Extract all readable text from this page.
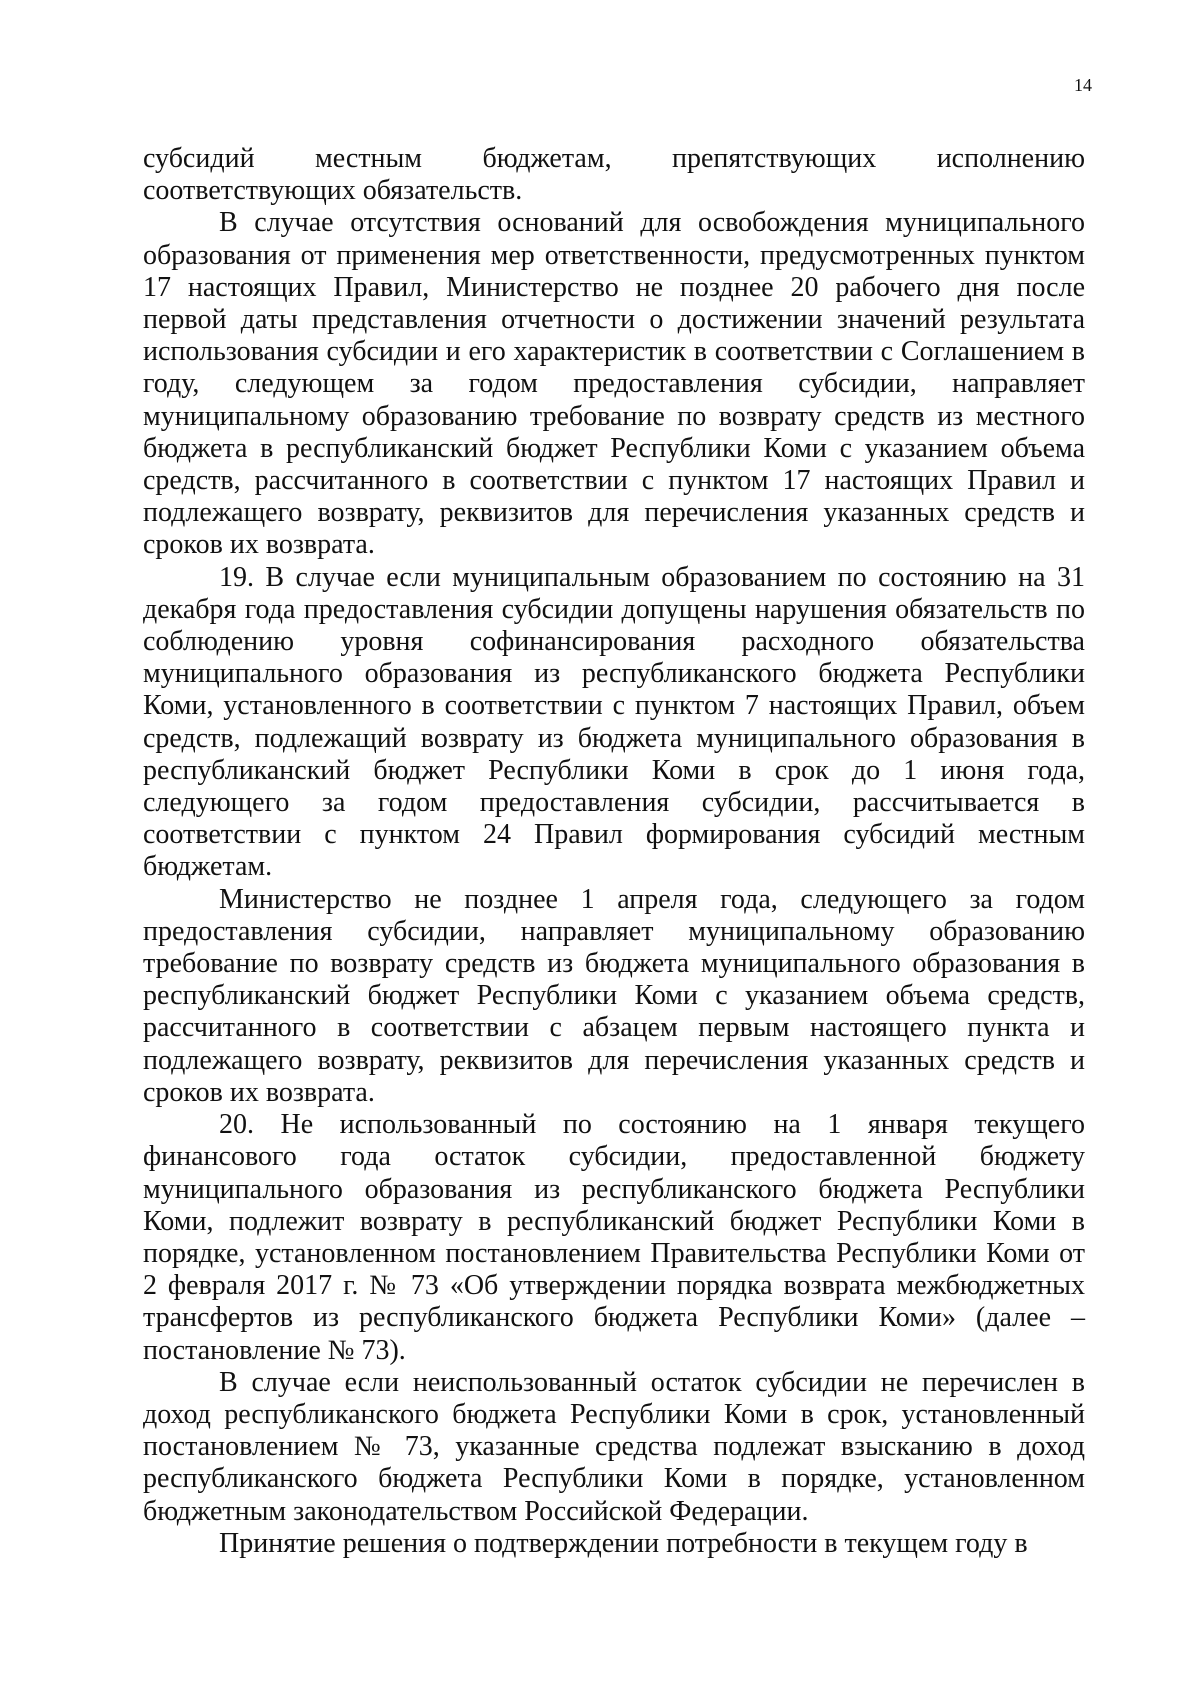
14

субсидий местным бюджетам, препятствующих исполнению соответствующих обязательств.

В случае отсутствия оснований для освобождения муниципального образования от применения мер ответственности, предусмотренных пунктом 17 настоящих Правил, Министерство не позднее 20 рабочего дня после первой даты представления отчетности о достижении значений результата использования субсидии и его характеристик в соответствии с Соглашением в году, следующем за годом предоставления субсидии, направляет муниципальному образованию требование по возврату средств из местного бюджета в республиканский бюджет Республики Коми с указанием объема средств, рассчитанного в соответствии с пунктом 17 настоящих Правил и подлежащего возврату, реквизитов для перечисления указанных средств и сроков их возврата.

19. В случае если муниципальным образованием по состоянию на 31 декабря года предоставления субсидии допущены нарушения обязательств по соблюдению уровня софинансирования расходного обязательства муниципального образования из республиканского бюджета Республики Коми, установленного в соответствии с пунктом 7 настоящих Правил, объем средств, подлежащий возврату из бюджета муниципального образования в республиканский бюджет Республики Коми в срок до 1 июня года, следующего за годом предоставления субсидии, рассчитывается в соответствии с пунктом 24 Правил формирования субсидий местным бюджетам.

Министерство не позднее 1 апреля года, следующего за годом предоставления субсидии, направляет муниципальному образованию требование по возврату средств из бюджета муниципального образования в республиканский бюджет Республики Коми с указанием объема средств, рассчитанного в соответствии с абзацем первым настоящего пункта и подлежащего возврату, реквизитов для перечисления указанных средств и сроков их возврата.

20. Не использованный по состоянию на 1 января текущего финансового года остаток субсидии, предоставленной бюджету муниципального образования из республиканского бюджета Республики Коми, подлежит возврату в республиканский бюджет Республики Коми в порядке, установленном постановлением Правительства Республики Коми от 2 февраля 2017 г. № 73 «Об утверждении порядка возврата межбюджетных трансфертов из республиканского бюджета Республики Коми» (далее – постановление № 73).

В случае если неиспользованный остаток субсидии не перечислен в доход республиканского бюджета Республики Коми в срок, установленный постановлением № 73, указанные средства подлежат взысканию в доход республиканского бюджета Республики Коми в порядке, установленном бюджетным законодательством Российской Федерации.

Принятие решения о подтверждении потребности в текущем году в
